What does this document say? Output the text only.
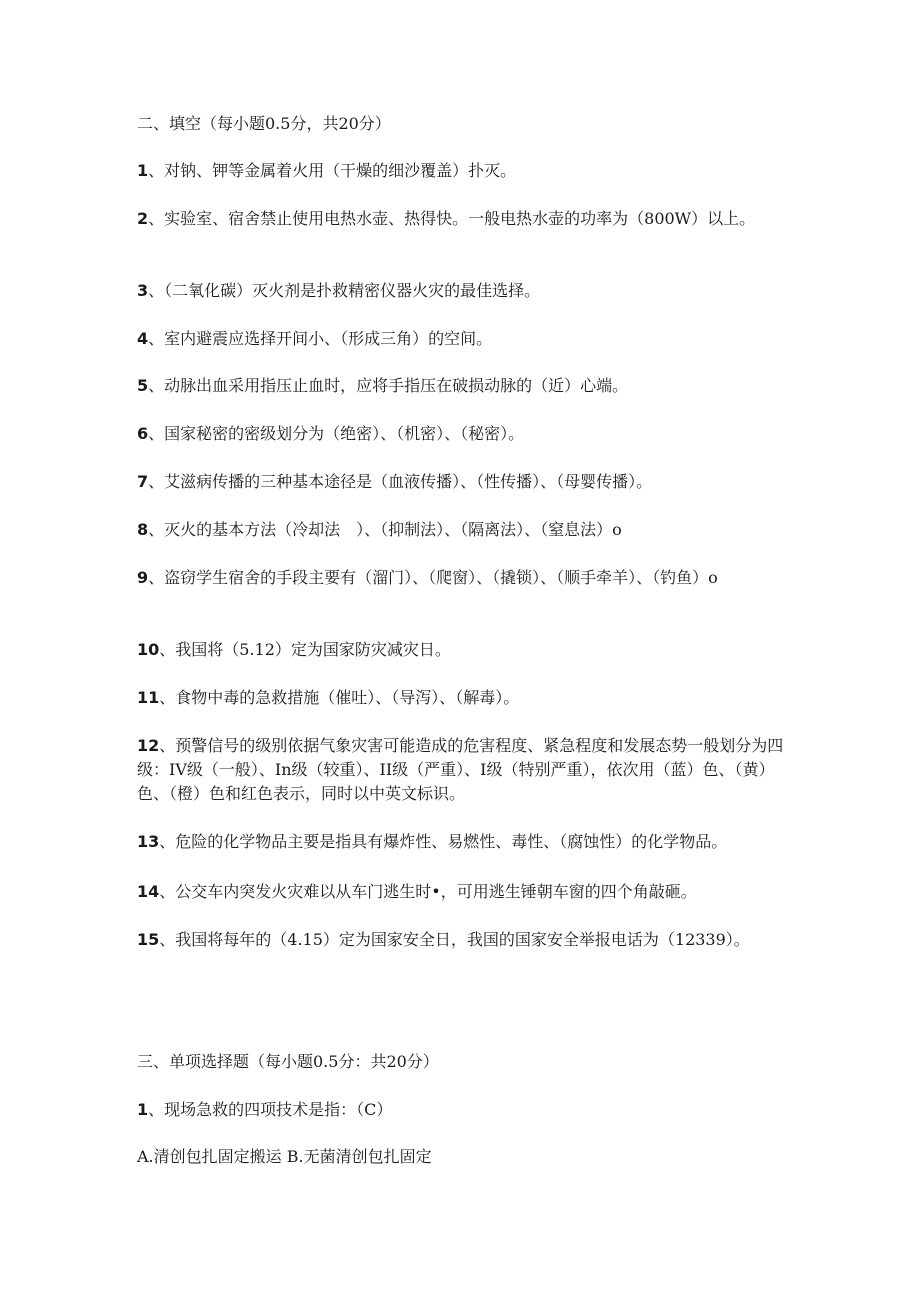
二、填空（每小题0.5分，共20分）
1、对钠、钾等金属着火用（干燥的细沙覆盖）扑灭。
2、实验室、宿舍禁止使用电热水壶、热得快。一般电热水壶的功率为（800W）以上。
3、（二氧化碳）灭火剂是扑救精密仪器火灾的最佳选择。
4、室内避震应选择开间小、（形成三角）的空间。
5、动脉出血采用指压止血时，应将手指压在破损动脉的（近）心端。
6、国家秘密的密级划分为（绝密）、（机密）、（秘密）。
7、艾滋病传播的三种基本途径是（血液传播）、（性传播）、（母婴传播）。
8、灭火的基本方法（冷却法　）、（抑制法）、（隔离法）、（窒息法）o
9、盗窃学生宿舍的手段主要有（溜门）、（爬窗）、（撬锁）、（顺手牵羊）、（钓鱼）o
10、我国将（5.12）定为国家防灾减灾日。
11、食物中毒的急救措施（催吐）、（导泻）、（解毒）。
12、预警信号的级别依据气象灾害可能造成的危害程度、紧急程度和发展态势一般划分为四级：IV级（一般）、In级（较重）、II级（严重）、I级（特别严重），依次用（蓝）色、（黄）色、（橙）色和红色表示，同时以中英文标识。
13、危险的化学物品主要是指具有爆炸性、易燃性、毒性、（腐蚀性）的化学物品。
14、公交车内突发火灾难以从车门逃生时•，可用逃生锤朝车窗的四个角敲砸。
15、我国将每年的（4.15）定为国家安全日，我国的国家安全举报电话为（12339）。
三、单项选择题（每小题0.5分：共20分）
1、现场急救的四项技术是指：（C）
A.清创包扎固定搬运 B.无菌清创包扎固定
